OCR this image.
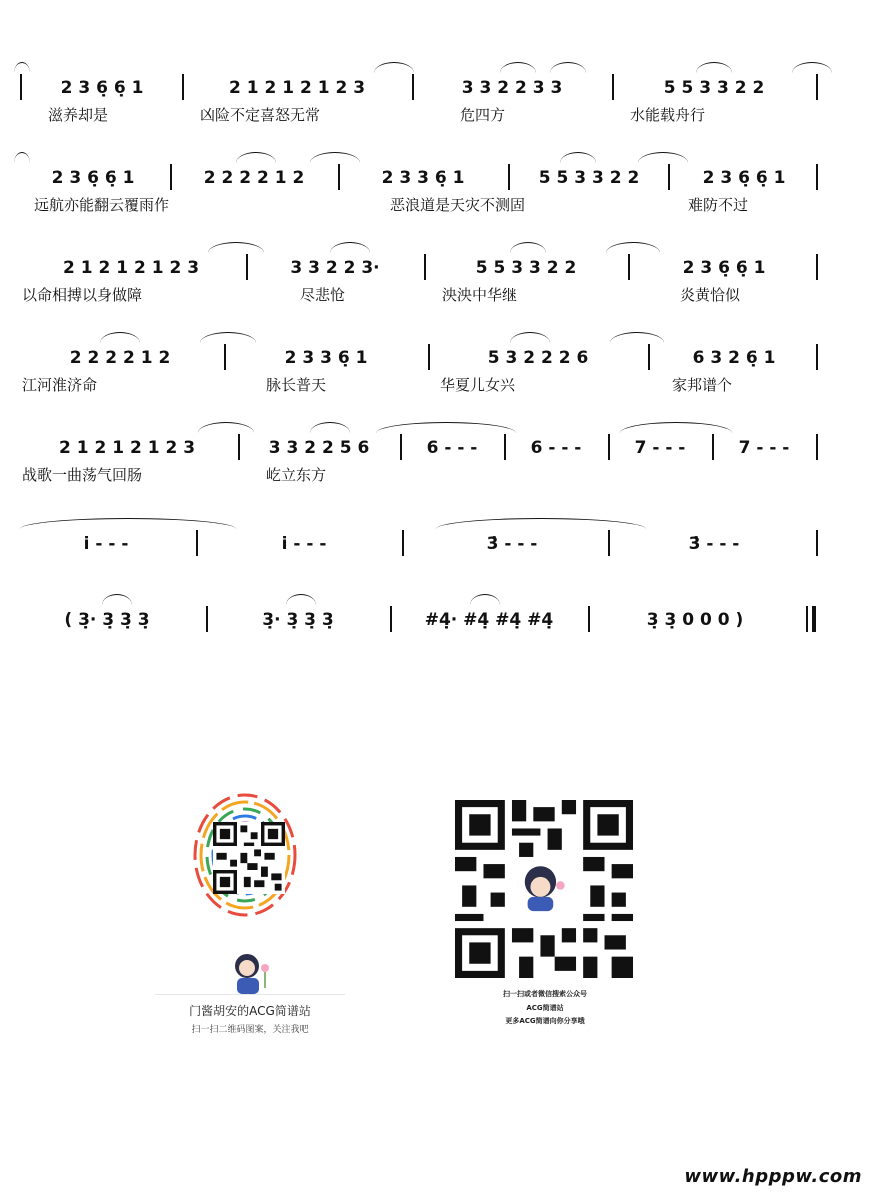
2 3 6̣ 6̣ 1	2 1 2 1 2 1 2 3	3 3 2 2 3 3	5 5 3 3 2 2
滋养却是	凶险不定喜怒无常	危四方	水能载舟行
2 3 6̣ 6̣ 1	2 2 2 2 1 2	2 3 3 6̣ 1	5 5 3 3 2 2	2 3 6̣ 6̣ 1
远航亦能翻云覆雨作	恶浪道是天灾不测固	难防不过
2 1 2 1 2 1 2 3	3 3 2 2 3·	5 5 3 3 2 2	2 3 6̣ 6̣ 1
以命相搏以身做障	尽悲怆	泱泱中华继	炎黄恰似
2 2 2 2 1 2	2 3 3 6̣ 1	5 3 2 2 2 6	6 3 2 6̣ 1
江河淮济命	脉长普天	华夏儿女兴	家邦谱个
2 1 2 1 2 1 2 3	3 3 2 2 5 6	6 - - -	6 - - -	7 - - -	7 - - -
战歌一曲荡气回肠	屹立东方
i - - -	i - - -	3̇ - - -	3̇ - - -
( 3̣· 3̣ 3̣ 3̣	3̣· 3̣ 3̣ 3̣	#4̣· #4̣ #4̣ #4̣	3̣ 3̣ 0 0 0 )
门酱胡安的ACG简谱站
扫一扫二维码图案，关注我吧
扫一扫或者微信搜索公众号
ACG简谱站
更多ACG简谱向你分享哦
www.hpppw.com
